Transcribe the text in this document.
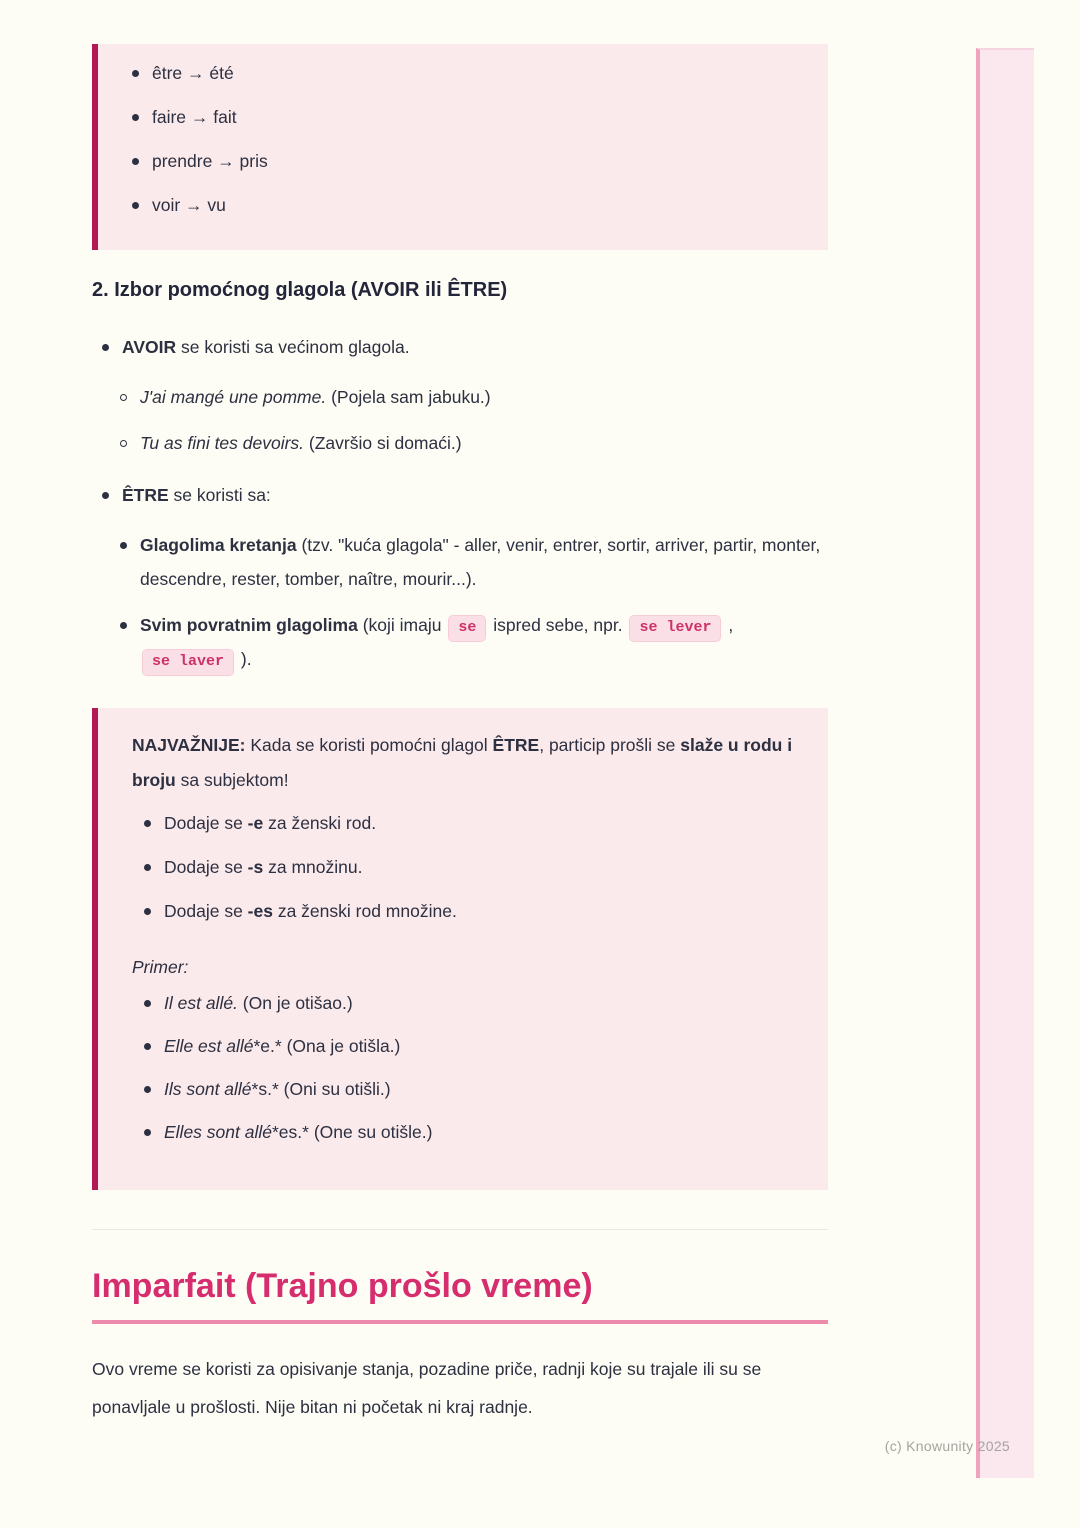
être → été
faire → fait
prendre → pris
voir → vu
2. Izbor pomoćnog glagola (AVOIR ili ÊTRE)
AVOIR se koristi sa većinom glagola.
J'ai mangé une pomme. (Pojela sam jabuku.)
Tu as fini tes devoirs. (Završio si domaći.)
ÊTRE se koristi sa:
Glagolima kretanja (tzv. "kuća glagola" - aller, venir, entrer, sortir, arriver, partir, monter, descendre, rester, tomber, naître, mourir...).
Svim povratnim glagolima (koji imaju se ispred sebe, npr. se lever , se laver ).

NAJVAŽNIJE: Kada se koristi pomoćni glagol ÊTRE, particip prošli se slaže u rodu i broju sa subjektom!

Dodaje se -e za ženski rod.
Dodaje se -s za množinu.
Dodaje se -es za ženski rod množine.

Primer:

Il est allé. (On je otišao.)
Elle est allé*e.* (Ona je otišla.)
Ils sont allé*s.* (Oni su otišli.)
Elles sont allé*es.* (One su otišle.)
Imparfait (Trajno prošlo vreme)

Ovo vreme se koristi za opisivanje stanja, pozadine priče, radnji koje su trajale ili su se ponavljale u prošlosti. Nije bitan ni početak ni kraj radnje.

(c) Knowunity 2025
